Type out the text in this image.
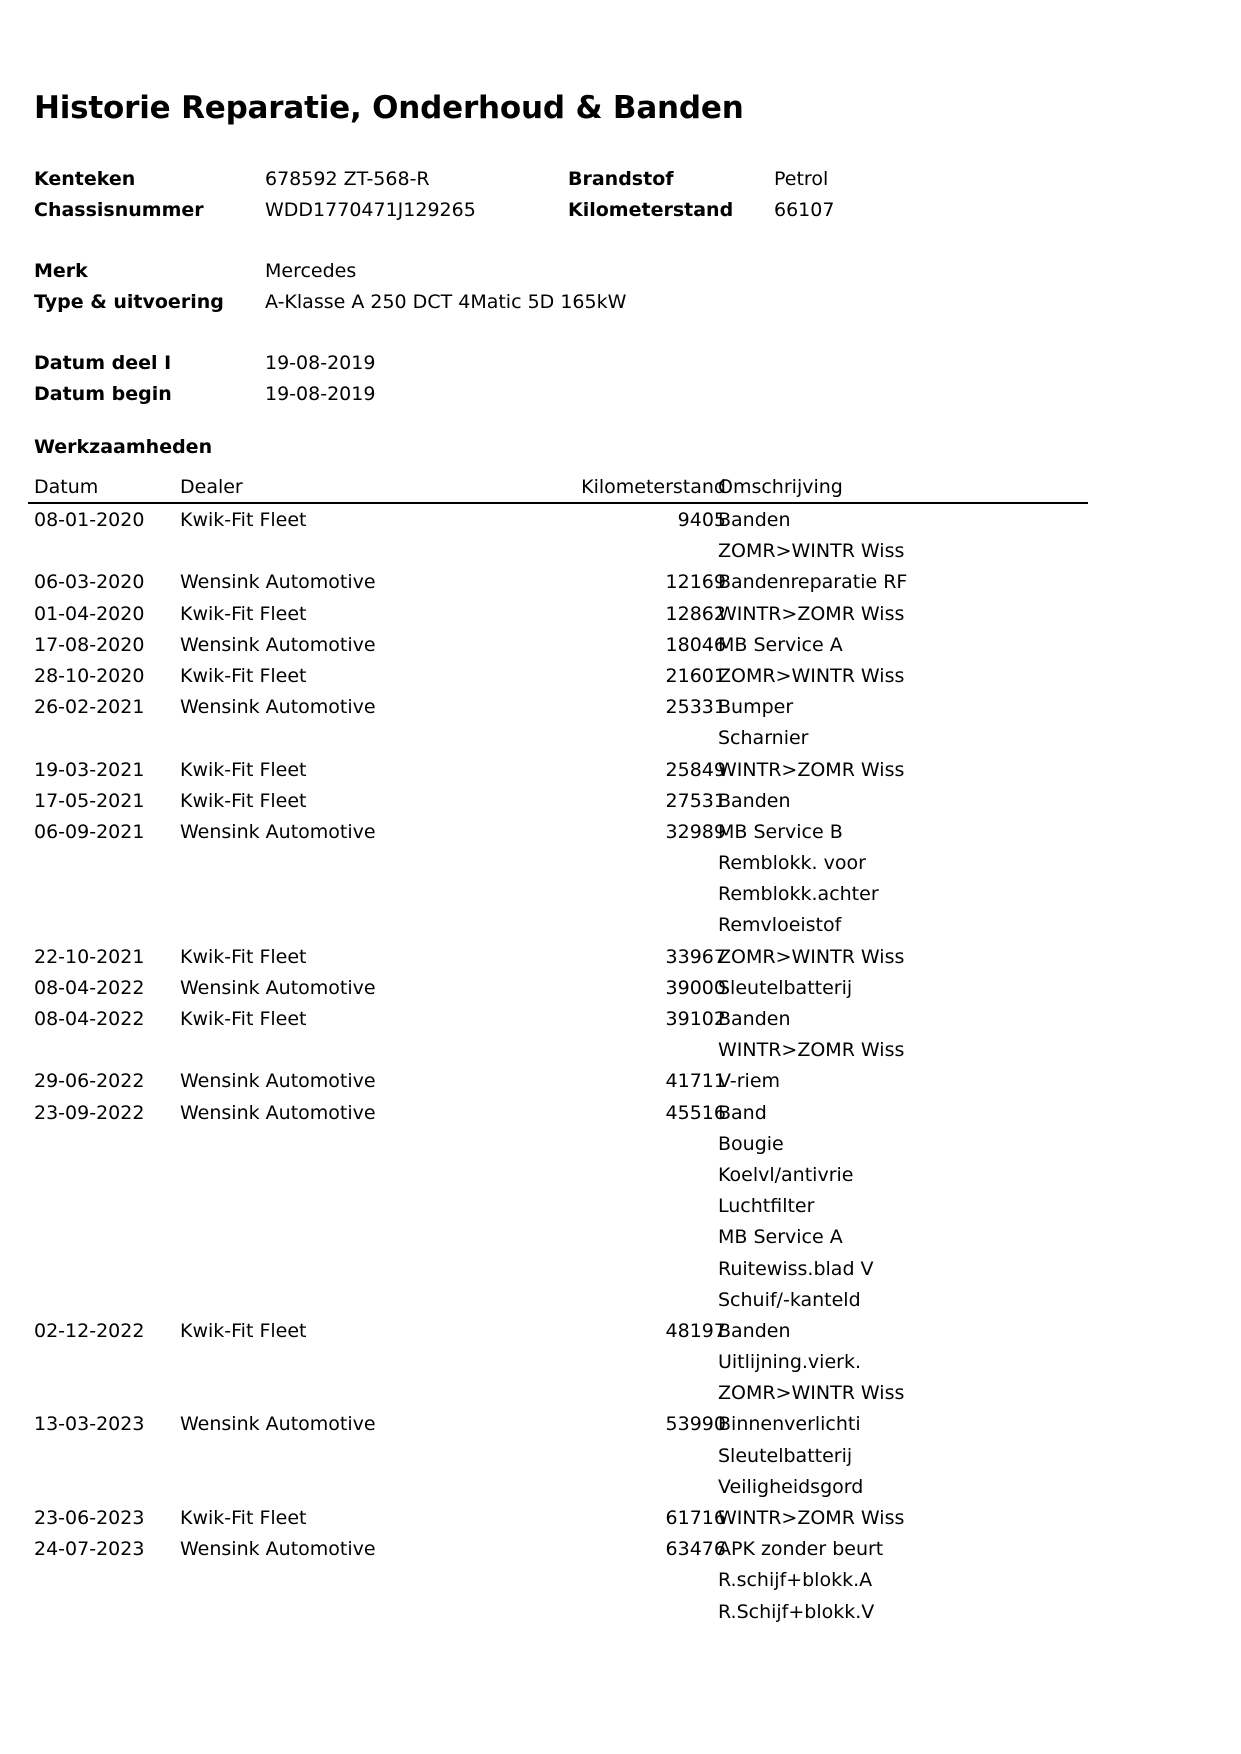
Historie Reparatie, Onderhoud & Banden
Kenteken	678592 ZT-568-R	Brandstof	Petrol
Chassisnummer	WDD1770471J129265	Kilometerstand 66107
Merk	Mercedes
Type & uitvoering A-Klasse A 250 DCT 4Matic 5D 165kW
Datum deel I	19-08-2019
Datum begin	19-08-2019
Werkzaamheden
Datum	Dealer	Kilometerstand
Omschrijving
08-01-2020 Kwik-Fit Fleet	9405
Banden
ZOMR>WINTR Wiss
06-03-2020 Wensink Automotive	12169
Bandenreparatie RF
01-04-2020 Kwik-Fit Fleet	12862
WINTR>ZOMR Wiss
17-08-2020 Wensink Automotive	18046
MB Service A
28-10-2020 Kwik-Fit Fleet	21601
ZOMR>WINTR Wiss
26-02-2021 Wensink Automotive	25331
Bumper
Scharnier
19-03-2021 Kwik-Fit Fleet	25849
WINTR>ZOMR Wiss
17-05-2021 Kwik-Fit Fleet	27531
Banden
06-09-2021 Wensink Automotive	32989
MB Service B
Remblokk. voor
Remblokk.achter
Remvloeistof
22-10-2021 Kwik-Fit Fleet	33967
ZOMR>WINTR Wiss
08-04-2022 Wensink Automotive	39000
Sleutelbatterij
08-04-2022 Kwik-Fit Fleet	39102
Banden
WINTR>ZOMR Wiss
29-06-2022 Wensink Automotive	41711
V-riem
23-09-2022 Wensink Automotive	45516
Band
Bougie
Koelvl/antivrie
Luchtfilter
MB Service A
Ruitewiss.blad V
Schuif/-kanteld
02-12-2022 Kwik-Fit Fleet	48197
Banden
Uitlijning.vierk.
ZOMR>WINTR Wiss
13-03-2023 Wensink Automotive	53990
Binnenverlichti
Sleutelbatterij
Veiligheidsgord
23-06-2023 Kwik-Fit Fleet	61716
WINTR>ZOMR Wiss
24-07-2023 Wensink Automotive	63476
APK zonder beurt
R.schijf+blokk.A
R.Schijf+blokk.V
